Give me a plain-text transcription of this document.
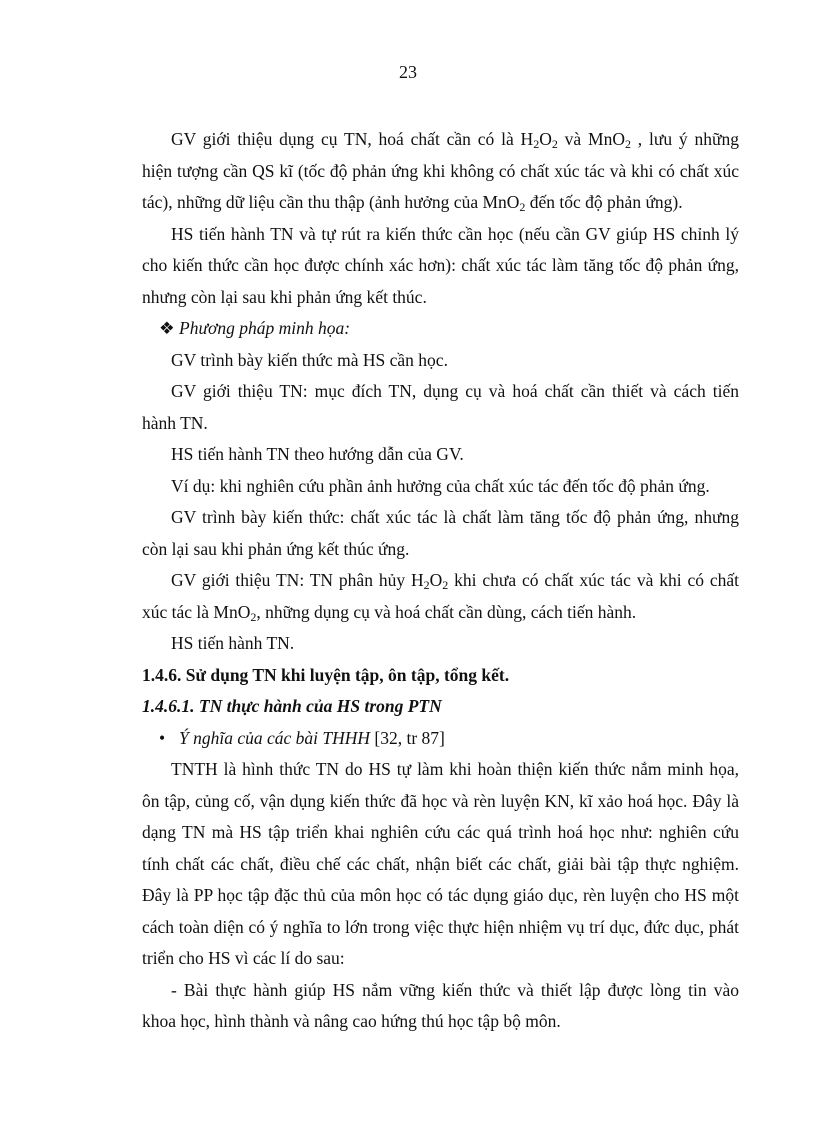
23
GV giới thiệu dụng cụ TN, hoá chất cần có là $H_2O_2$ và MnO$_2$ , lưu ý những
hiện tượng cần QS kĩ (tốc độ phản ứng khi không có chất xúc tác và khi có chất xúc
tác), những dữ liệu cần thu thập (ảnh hưởng của MnO$_2$ đến tốc độ phản ứng).
HS tiến hành TN và tự rút ra kiến thức cần học (nếu cần GV giúp HS chỉnh lý
cho kiến thức cần học được chính xác hơn): chất xúc tác làm tăng tốc độ phản ứng,
nhưng còn lại sau khi phản ứng kết thúc.
❖ Phương pháp minh họa:
GV trình bày kiến thức mà HS cần học.
GV giới thiệu TN: mục đích TN, dụng cụ và hoá chất cần thiết và cách tiến
hành TN.
HS tiến hành TN theo hướng dẫn của GV.
Ví dụ: khi nghiên cứu phần ảnh hưởng của chất xúc tác đến tốc độ phản ứng.
GV trình bày kiến thức: chất xúc tác là chất làm tăng tốc độ phản ứng, nhưng
còn lại sau khi phản ứng kết thúc ứng.
GV giới thiệu TN: TN phân hủy $H_2O_2$ khi chưa có chất xúc tác và khi có chất
xúc tác là MnO$_2$, những dụng cụ và hoá chất cần dùng, cách tiến hành.
HS tiến hành TN.
1.4.6. Sử dụng TN khi luyện tập, ôn tập, tổng kết.
1.4.6.1. TN thực hành của HS trong PTN
• Ý nghĩa của các bài THHH [32, tr 87]
TNTH là hình thức TN do HS tự làm khi hoàn thiện kiến thức nắm minh họa,
ôn tập, củng cố, vận dụng kiến thức đã học và rèn luyện KN, kĩ xảo hoá học. Đây là
dạng TN mà HS tập triển khai nghiên cứu các quá trình hoá học như: nghiên cứu
tính chất các chất, điều chế các chất, nhận biết các chất, giải bài tập thực nghiệm.
Đây là PP học tập đặc thủ của môn học có tác dụng giáo dục, rèn luyện cho HS một
cách toàn diện có ý nghĩa to lớn trong việc thực hiện nhiệm vụ trí dục, đức dục, phát
triển cho HS vì các lí do sau:
- Bài thực hành giúp HS nắm vững kiến thức và thiết lập được lòng tin vào
khoa học, hình thành và nâng cao hứng thú học tập bộ môn.
